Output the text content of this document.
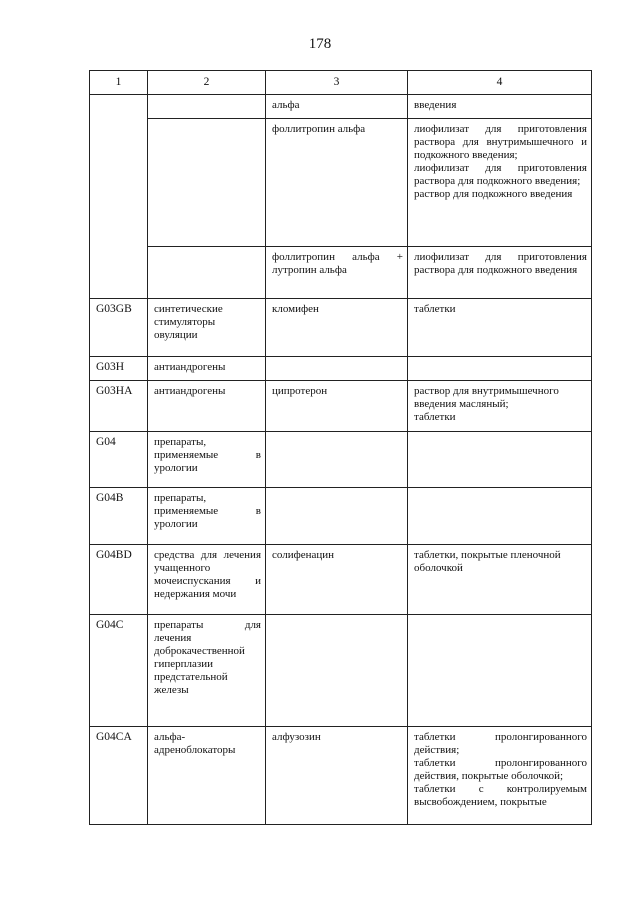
178
1	2	3	4
		альфа	введения

		фоллитропин альфа	лиофилизат для приготовления раствора для внутримышечного и подкожного введения;
лиофилизат для приготовления раствора для подкожного введения;
раствор для подкожного введения

		фоллитропин альфа + лутропин альфа	лиофилизат для приготовления раствора для подкожного введения

G03GB	синтетические стимуляторы овуляции	кломифен	таблетки

G03H	антиандрогены		
G03HA	антиандрогены	ципротерон	раствор для внутримышечного введения масляный;
таблетки

G04	препараты, применяемые в урологии		
G04B	препараты, применяемые в урологии		
G04BD	средства для лечения учащенного мочеиспускания и недержания мочи	солифенацин	таблетки, покрытые пленочной оболочкой

G04C	препараты для лечения доброкачественной гиперплазии предстательной железы		
G04CA	альфа-адреноблокаторы	алфузозин	таблетки пролонгированного действия;
таблетки пролонгированного действия, покрытые оболочкой;
таблетки с контролируемым высвобождением, покрытые
